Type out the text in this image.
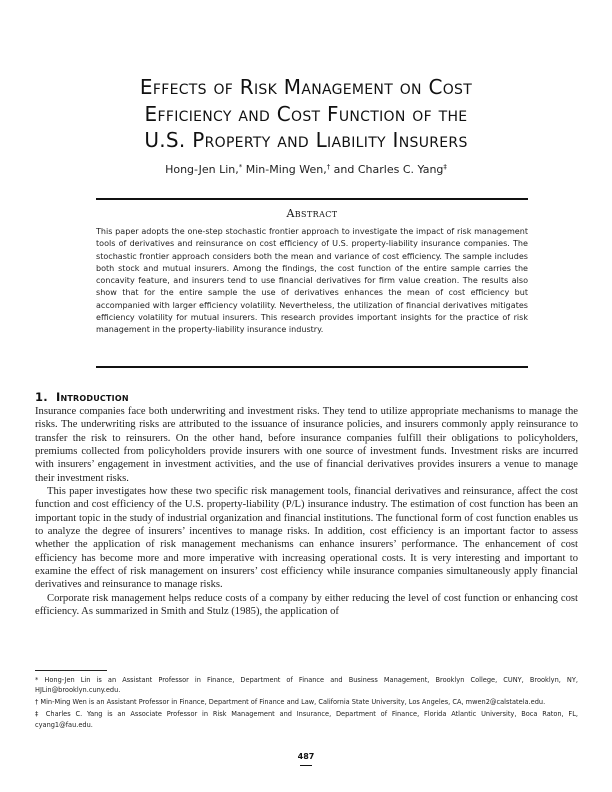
Effects of Risk Management on Cost
Efficiency and Cost Function of the
U.S. Property and Liability Insurers
Hong-Jen Lin,* Min-Ming Wen,† and Charles C. Yang‡
Abstract
This paper adopts the one-step stochastic frontier approach to investigate the impact of risk management tools of derivatives and reinsurance on cost efficiency of U.S. property-liability insurance companies. The stochastic frontier approach considers both the mean and variance of cost efficiency. The sample includes both stock and mutual insurers. Among the findings, the cost function of the entire sample carries the concavity feature, and insurers tend to use financial derivatives for firm value creation. The results also show that for the entire sample the use of derivatives enhances the mean of cost efficiency but accompanied with larger efficiency volatility. Nevertheless, the utilization of financial derivatives mitigates efficiency volatility for mutual insurers. This research provides important insights for the practice of risk management in the property-liability insurance industry.
1. Introduction

Insurance companies face both underwriting and investment risks. They tend to utilize appropriate mechanisms to manage the risks. The underwriting risks are attributed to the issuance of insurance policies, and insurers commonly apply reinsurance to transfer the risk to reinsurers. On the other hand, before insurance companies fulfill their obligations to policyholders, premiums collected from policyholders provide insurers with one source of investment funds. Investment risks are incurred with insurers’ engagement in investment activities, and the use of financial derivatives provides insurers a venue to manage their investment risks.

This paper investigates how these two specific risk management tools, financial derivatives and reinsurance, affect the cost function and cost efficiency of the U.S. property-liability (P/L) insurance industry. The estimation of cost function has been an important topic in the study of industrial organization and financial institutions. The functional form of cost function enables us to analyze the degree of insurers’ incentives to manage risks. In addition, cost efficiency is an important factor to assess whether the application of risk management mechanisms can enhance insurers’ performance. The enhancement of cost efficiency has become more and more imperative with increasing operational costs. It is very interesting and important to examine the effect of risk management on insurers’ cost efficiency while insurance companies simultaneously apply financial derivatives and reinsurance to manage risks.

Corporate risk management helps reduce costs of a company by either reducing the level of cost function or enhancing cost efficiency. As summarized in Smith and Stulz (1985), the application of

* Hong-Jen Lin is an Assistant Professor in Finance, Department of Finance and Business Management, Brooklyn College, CUNY, Brooklyn, NY, HJLin@brooklyn.cuny.edu.

† Min-Ming Wen is an Assistant Professor in Finance, Department of Finance and Law, California State University, Los Angeles, CA, mwen2@calstatela.edu.

‡ Charles C. Yang is an Associate Professor in Risk Management and Insurance, Department of Finance, Florida Atlantic University, Boca Raton, FL, cyang1@fau.edu.

487
